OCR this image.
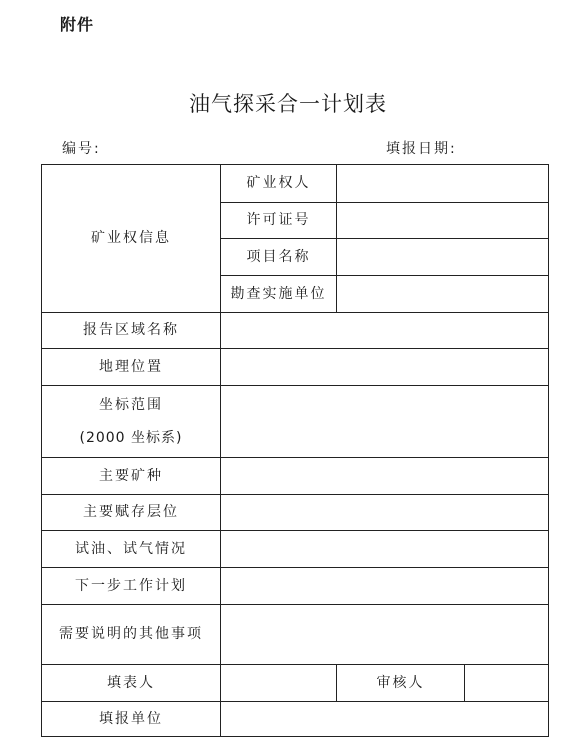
附件
油气探采合一计划表
编号:	填报日期:
矿业权信息	矿业权人		
	许可证号		
	项目名称		
	勘查实施单位		
报告区域名称			
地理位置			

坐标范围
(2000 坐标系)			

主要矿种			
主要赋存层位			
试油、试气情况			
下一步工作计划			
需要说明的其他事项			
填表人		审核人	
填报单位			
